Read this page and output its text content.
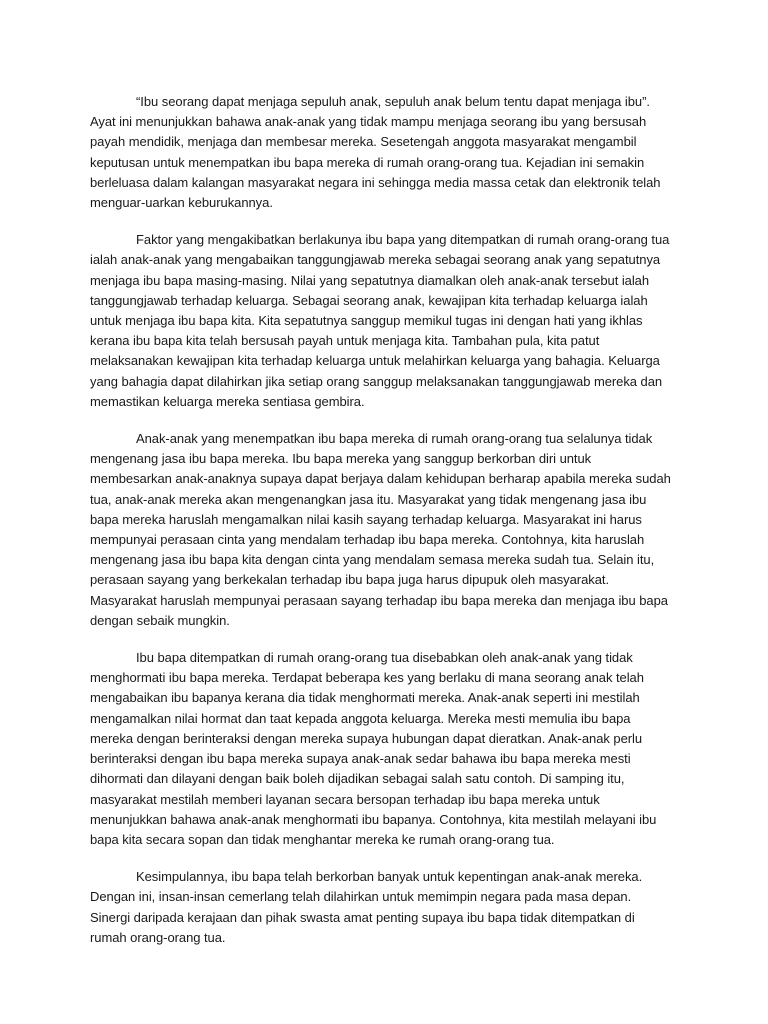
“Ibu seorang dapat menjaga sepuluh anak, sepuluh anak belum tentu dapat menjaga ibu”. Ayat ini menunjukkan bahawa anak-anak yang tidak mampu menjaga seorang ibu yang bersusah payah mendidik, menjaga dan membesar mereka. Sesetengah anggota masyarakat mengambil keputusan untuk menempatkan ibu bapa mereka di rumah orang-orang tua. Kejadian ini semakin berleluasa dalam kalangan masyarakat negara ini sehingga media massa cetak dan elektronik telah menguar-uarkan keburukannya.

Faktor yang mengakibatkan berlakunya ibu bapa yang ditempatkan di rumah orang-orang tua ialah anak-anak yang mengabaikan tanggungjawab mereka sebagai seorang anak yang sepatutnya menjaga ibu bapa masing-masing. Nilai yang sepatutnya diamalkan oleh anak-anak tersebut ialah tanggungjawab terhadap keluarga. Sebagai seorang anak, kewajipan kita terhadap keluarga ialah untuk menjaga ibu bapa kita. Kita sepatutnya sanggup memikul tugas ini dengan hati yang ikhlas kerana ibu bapa kita telah bersusah payah untuk menjaga kita. Tambahan pula, kita patut melaksanakan kewajipan kita terhadap keluarga untuk melahirkan keluarga yang bahagia. Keluarga yang bahagia dapat dilahirkan jika setiap orang sanggup melaksanakan tanggungjawab mereka dan memastikan keluarga mereka sentiasa gembira.

Anak-anak yang menempatkan ibu bapa mereka di rumah orang-orang tua selalunya tidak mengenang jasa ibu bapa mereka. Ibu bapa mereka yang sanggup berkorban diri untuk membesarkan anak-anaknya supaya dapat berjaya dalam kehidupan berharap apabila mereka sudah tua, anak-anak mereka akan mengenangkan jasa itu. Masyarakat yang tidak mengenang jasa ibu bapa mereka haruslah mengamalkan nilai kasih sayang terhadap keluarga. Masyarakat ini harus mempunyai perasaan cinta yang mendalam terhadap ibu bapa mereka. Contohnya, kita haruslah mengenang jasa ibu bapa kita dengan cinta yang mendalam semasa mereka sudah tua. Selain itu, perasaan sayang yang berkekalan terhadap ibu bapa juga harus dipupuk oleh masyarakat. Masyarakat haruslah mempunyai perasaan sayang terhadap ibu bapa mereka dan menjaga ibu bapa dengan sebaik mungkin.

Ibu bapa ditempatkan di rumah orang-orang tua disebabkan oleh anak-anak yang tidak menghormati ibu bapa mereka. Terdapat beberapa kes yang berlaku di mana seorang anak telah mengabaikan ibu bapanya kerana dia tidak menghormati mereka. Anak-anak seperti ini mestilah mengamalkan nilai hormat dan taat kepada anggota keluarga. Mereka mesti memulia ibu bapa mereka dengan berinteraksi dengan mereka supaya hubungan dapat dieratkan. Anak-anak perlu berinteraksi dengan ibu bapa mereka supaya anak-anak sedar bahawa ibu bapa mereka mesti dihormati dan dilayani dengan baik boleh dijadikan sebagai salah satu contoh. Di samping itu, masyarakat mestilah memberi layanan secara bersopan terhadap ibu bapa mereka untuk menunjukkan bahawa anak-anak menghormati ibu bapanya. Contohnya, kita mestilah melayani ibu bapa kita secara sopan dan tidak menghantar mereka ke rumah orang-orang tua.

Kesimpulannya, ibu bapa telah berkorban banyak untuk kepentingan anak-anak mereka. Dengan ini, insan-insan cemerlang telah dilahirkan untuk memimpin negara pada masa depan. Sinergi daripada kerajaan dan pihak swasta amat penting supaya ibu bapa tidak ditempatkan di rumah orang-orang tua.
